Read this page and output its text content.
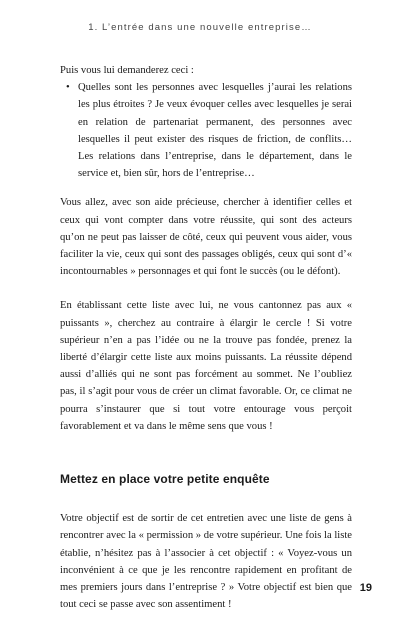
1. L’entrée dans une nouvelle entreprise…

Puis vous lui demanderez ceci :

• Quelles sont les personnes avec lesquelles j’aurai les relations les plus étroites ? Je veux évoquer celles avec lesquelles je serai en relation de partenariat permanent, des personnes avec lesquelles il peut exister des risques de friction, de conflits… Les relations dans l’entreprise, dans le département, dans le service et, bien sûr, hors de l’entreprise…

Vous allez, avec son aide précieuse, chercher à identifier celles et ceux qui vont compter dans votre réussite, qui sont des acteurs qu’on ne peut pas laisser de côté, ceux qui peuvent vous aider, vous faciliter la vie, ceux qui sont des passages obligés, ceux qui sont d’« incontournables » personnages et qui font le succès (ou le défont).

En établissant cette liste avec lui, ne vous cantonnez pas aux « puissants », cherchez au contraire à élargir le cercle ! Si votre supérieur n’en a pas l’idée ou ne la trouve pas fondée, prenez la liberté d’élargir cette liste aux moins puissants. La réussite dépend aussi d’alliés qui ne sont pas forcément au sommet. Ne l’oubliez pas, il s’agit pour vous de créer un climat favorable. Or, ce climat ne pourra s’instaurer que si tout votre entourage vous perçoit favorablement et va dans le même sens que vous !

Mettez en place votre petite enquête

Votre objectif est de sortir de cet entretien avec une liste de gens à rencontrer avec la « permission » de votre supérieur. Une fois la liste établie, n’hésitez pas à l’associer à cet objectif : « Voyez-vous un inconvénient à ce que je les rencontre rapidement en profitant de mes premiers jours dans l’entreprise ? » Votre objectif est bien que tout ceci se passe avec son assentiment !

19
